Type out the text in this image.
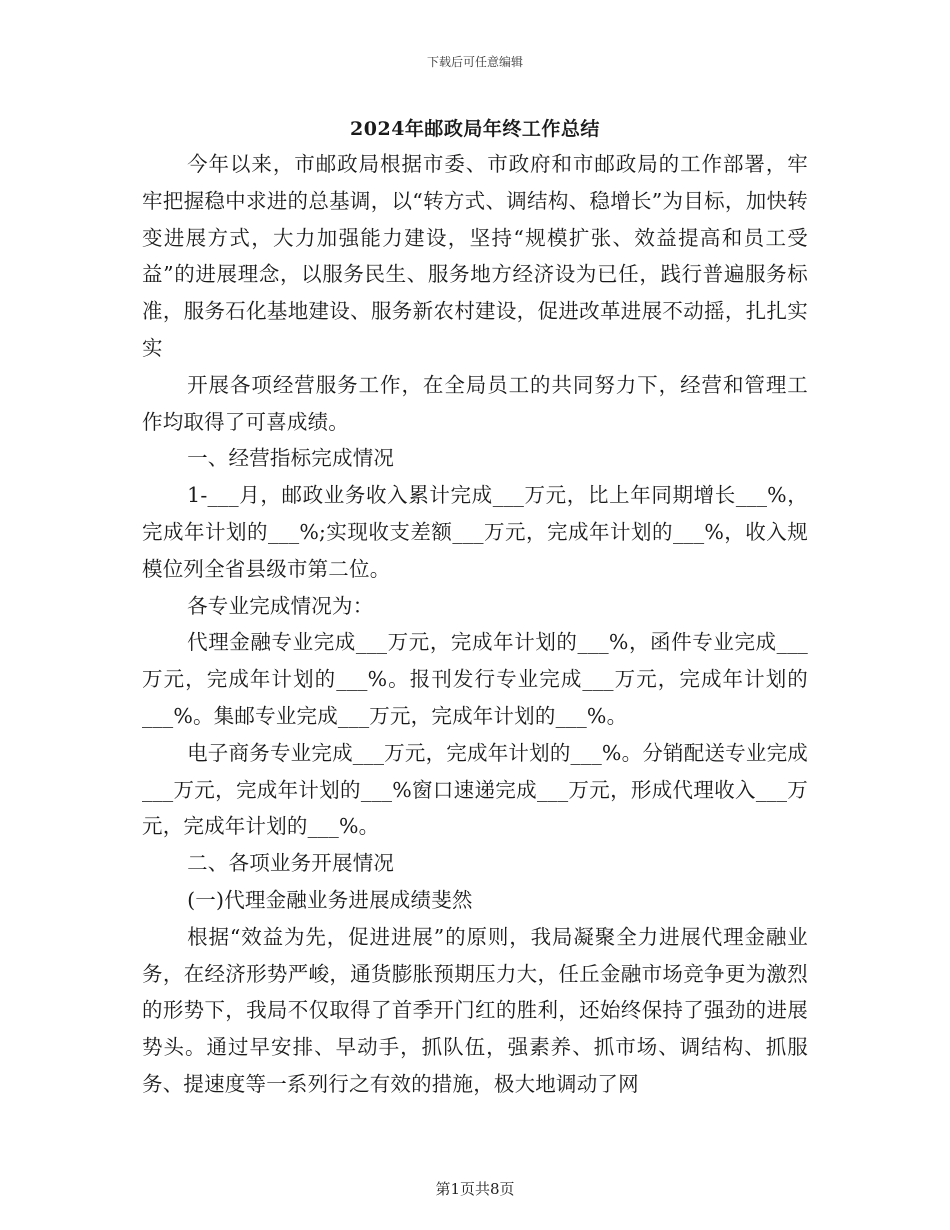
下载后可任意编辑
2024年邮政局年终工作总结

今年以来，市邮政局根据市委、市政府和市邮政局的工作部署，牢牢把握稳中求进的总基调，以“转方式、调结构、稳增长”为目标，加快转变进展方式，大力加强能力建设，坚持“规模扩张、效益提高和员工受益”的进展理念，以服务民生、服务地方经济设为已任，践行普遍服务标准，服务石化基地建设、服务新农村建设，促进改革进展不动摇，扎扎实实

开展各项经营服务工作，在全局员工的共同努力下，经营和管理工作均取得了可喜成绩。

一、经营指标完成情况

1-___月，邮政业务收入累计完成___万元，比上年同期增长___%，完成年计划的___%;实现收支差额___万元，完成年计划的___%，收入规模位列全省县级市第二位。

各专业完成情况为：

代理金融专业完成___万元，完成年计划的___%，函件专业完成___万元，完成年计划的___%。报刊发行专业完成___万元，完成年计划的___%。集邮专业完成___万元，完成年计划的___%。

电子商务专业完成___万元，完成年计划的___%。分销配送专业完成___万元，完成年计划的___%窗口速递完成___万元，形成代理收入___万元，完成年计划的___%。

二、各项业务开展情况

(一)代理金融业务进展成绩斐然

根据“效益为先，促进进展”的原则，我局凝聚全力进展代理金融业务，在经济形势严峻，通货膨胀预期压力大，任丘金融市场竞争更为激烈的形势下，我局不仅取得了首季开门红的胜利，还始终保持了强劲的进展势头。通过早安排、早动手，抓队伍，强素养、抓市场、调结构、抓服务、提速度等一系列行之有效的措施，极大地调动了网

第1页共8页
